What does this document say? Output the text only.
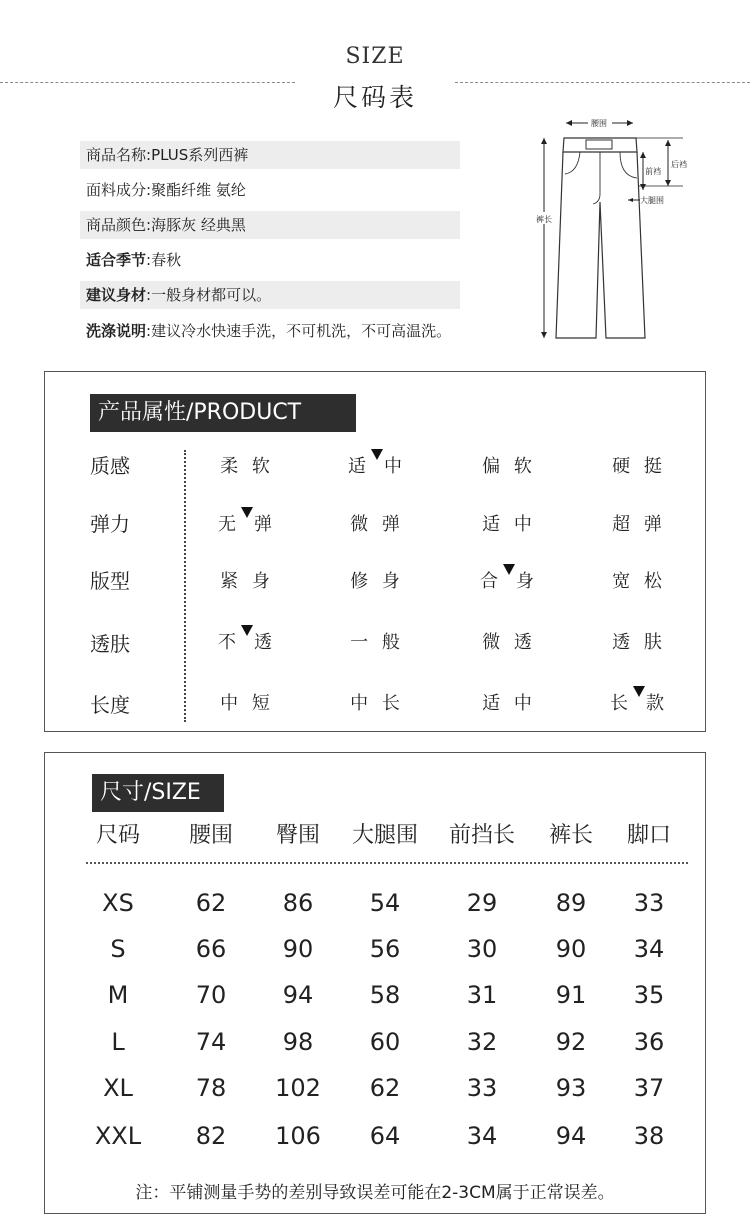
SIZE
尺码表
商品名称:PLUS系列西裤
面料成分:聚酯纤维 氨纶
商品颜色:海豚灰 经典黑
适合季节:春秋
建议身材:一般身材都可以。
洗涤说明:建议冷水快速手洗，不可机洗，不可高温洗。
腰围
裤长
前裆
后裆
大腿围
产品属性/PRODUCT
质感	柔 软	适 中	偏 软	硬 挺
弹力	无 弹	微 弹	适 中	超 弹
版型	紧 身	修 身	合 身	宽 松
透肤	不 透	一 般	微 透	透 肤
长度	中 短	中 长	适 中	长 款
尺寸/SIZE
尺码	腰围	臀围	大腿围	前挡长	裤长	脚口
XS	62	86	54	29	89	33
S	66	90	56	30	90	34
M	70	94	58	31	91	35
L	74	98	60	32	92	36
XL	78	102	62	33	93	37
XXL	82	106	64	34	94	38
注：平铺测量手势的差别导致误差可能在2-3CM属于正常误差。
